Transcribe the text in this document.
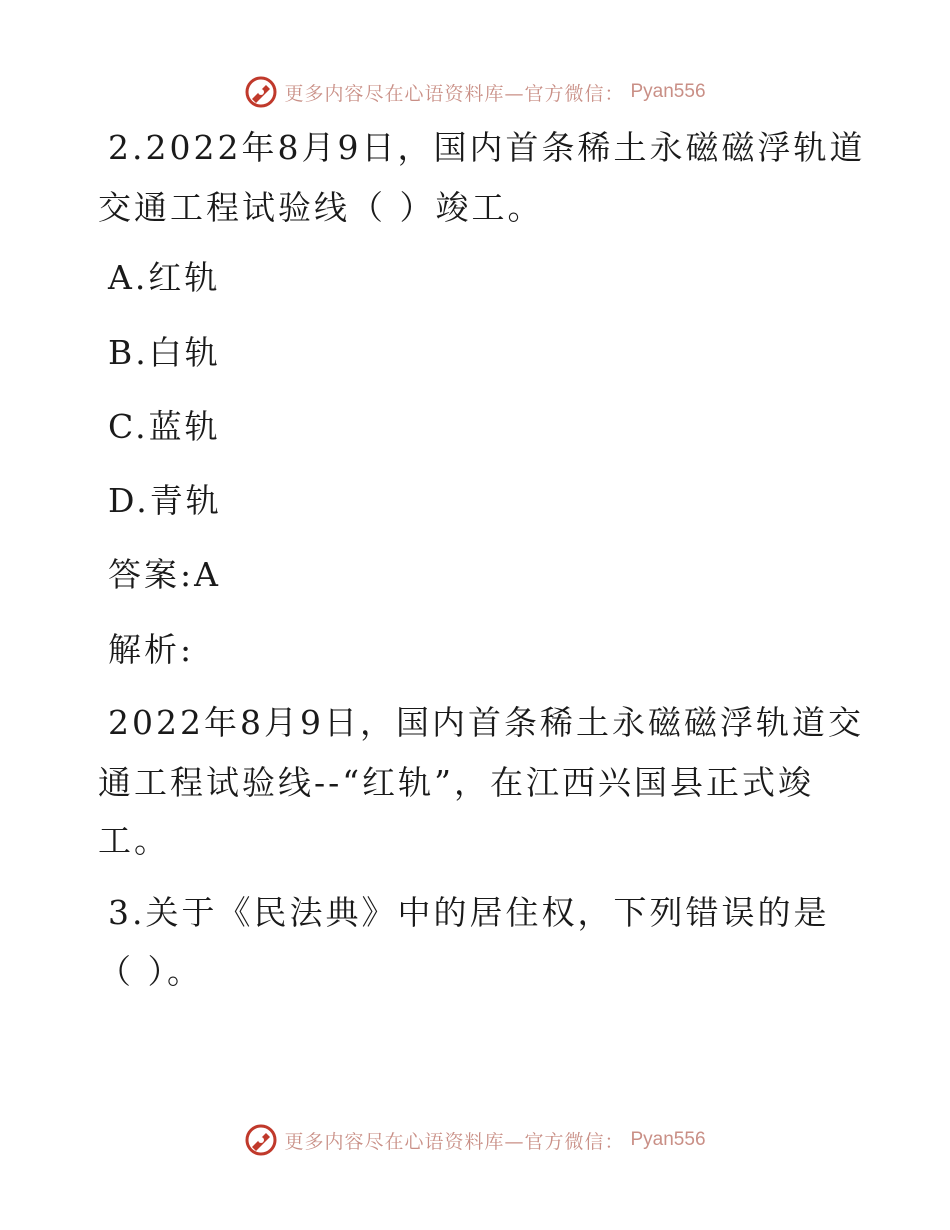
更多内容尽在心语资料库—官方微信： Pyan556
2.2022年8月9日，国内首条稀土永磁磁浮轨道
交通工程试验线（ ）竣工。
A.红轨
B.白轨
C.蓝轨
D.青轨
答案:A
解析:
2022年8月9日，国内首条稀土永磁磁浮轨道交
通工程试验线--“红轨”，在江西兴国县正式竣
工。
3.关于《民法典》中的居住权，下列错误的是
（ ）。
更多内容尽在心语资料库—官方微信： Pyan556
